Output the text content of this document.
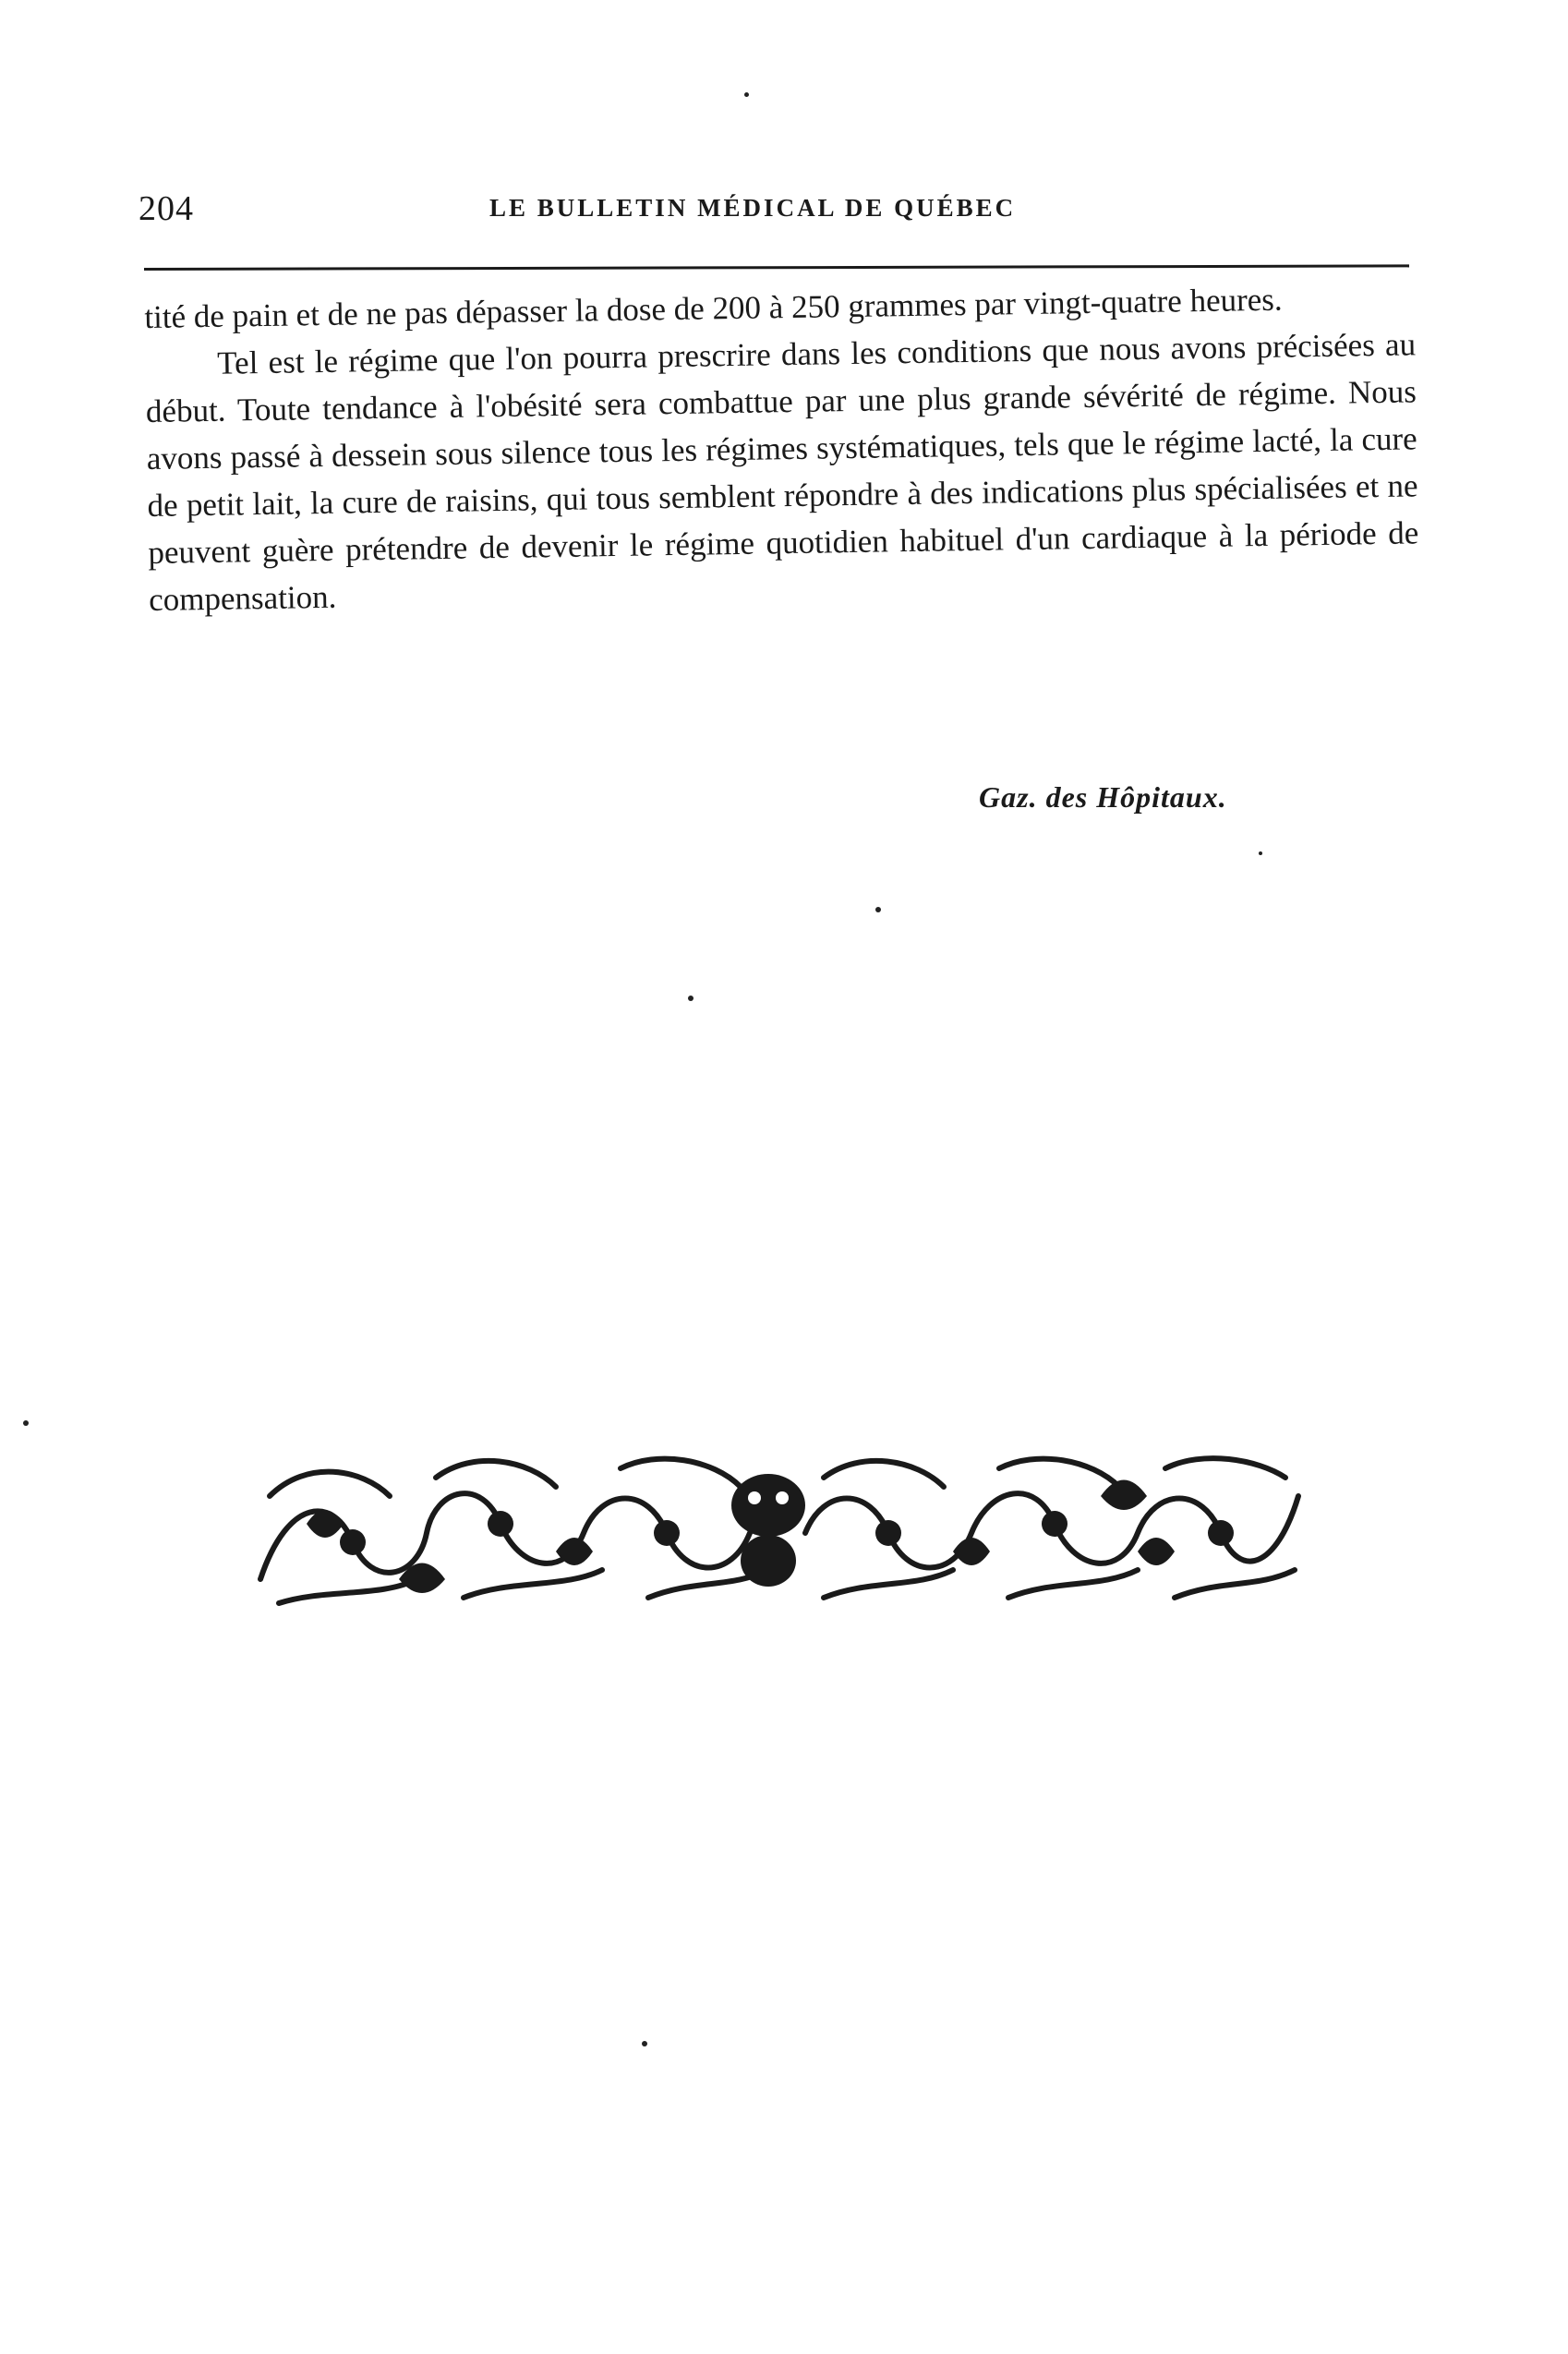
204	LE BULLETIN MÉDICAL DE QUÉBEC

tité de pain et de ne pas dépasser la dose de 200 à 250 grammes par vingt-quatre heures.

Tel est le régime que l'on pourra prescrire dans les conditions que nous avons précisées au début. Toute tendance à l'obésité sera combattue par une plus grande sévérité de régime. Nous avons passé à dessein sous silence tous les régimes systématiques, tels que le régime lacté, la cure de petit lait, la cure de raisins, qui tous semblent répondre à des indications plus spécialisées et ne peuvent guère prétendre de devenir le régime quotidien habituel d'un cardiaque à la période de compensation.

Gaz. des Hôpitaux.
